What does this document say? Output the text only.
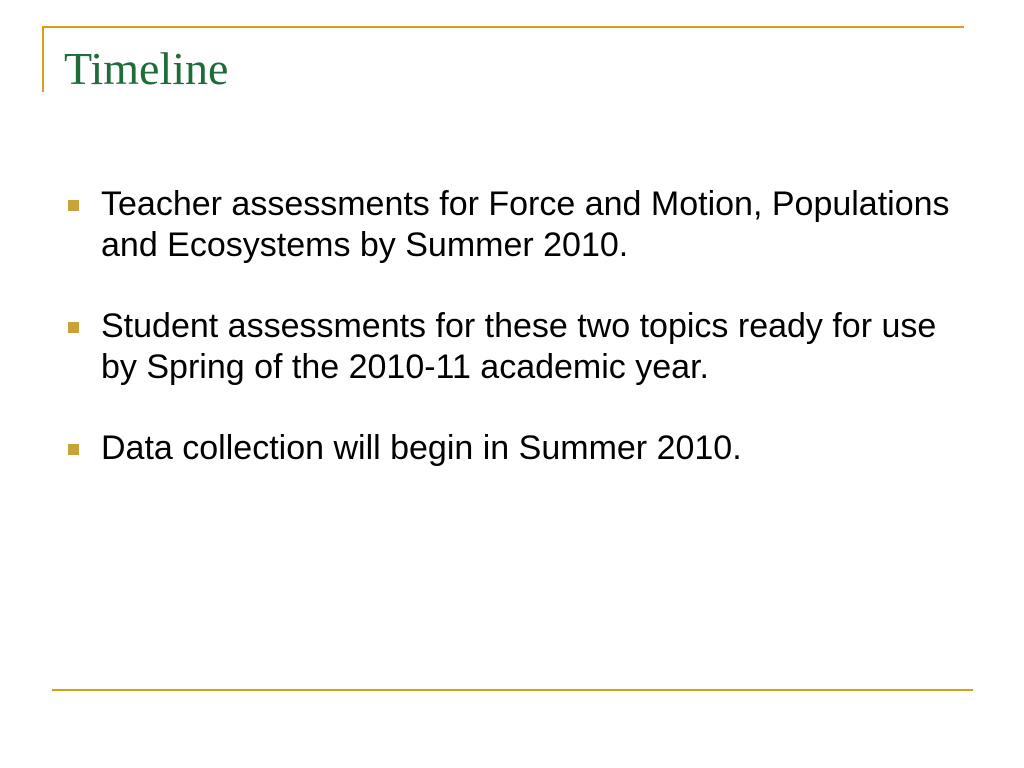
Timeline
Teacher assessments for Force and Motion, Populations and Ecosystems by Summer 2010.
Student assessments for these two topics ready for use by Spring of the 2010-11 academic year.
Data collection will begin in Summer 2010.
